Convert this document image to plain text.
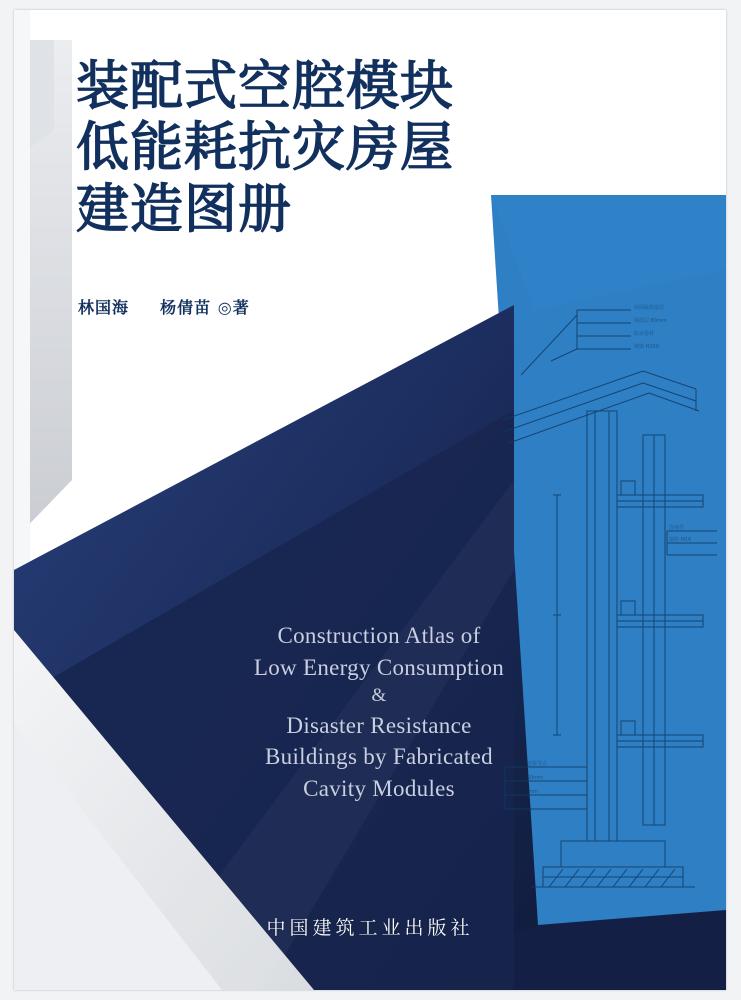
屋面板构造层
保温层 80mm
防水卷材
钢梁 H200
空腔模块连接节点
外墙板 150mm
楼板 120mm
基础垫层
连接件
锚栓 M16
装配式空腔模块
低能耗抗灾房屋
建造图册
林国海 杨倩苗 ◎著
Construction Atlas of
Low Energy Consumption
&
Disaster Resistance
Buildings by Fabricated
Cavity Modules
中国建筑工业出版社
